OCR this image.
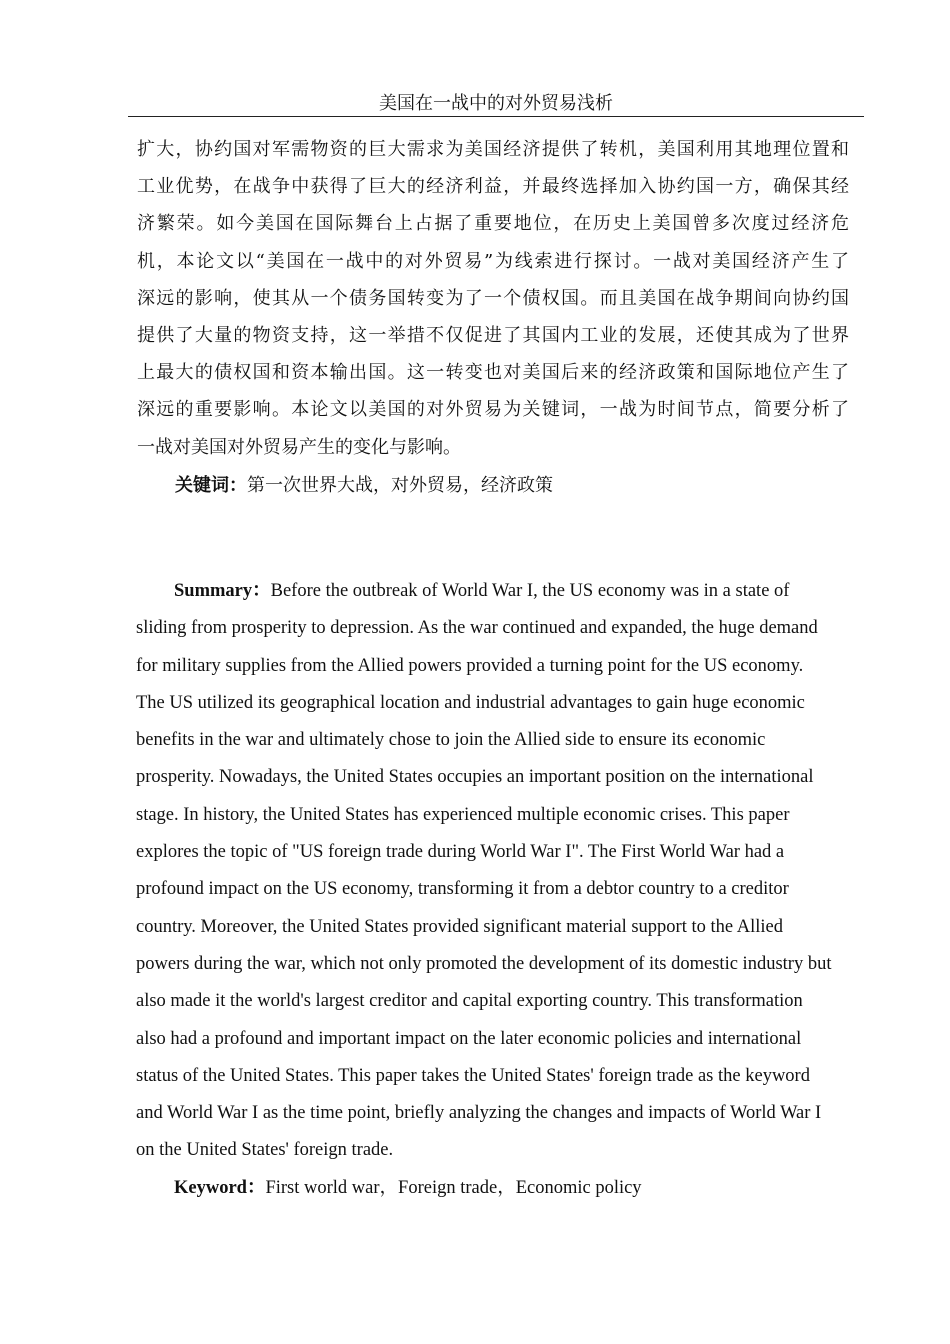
美国在一战中的对外贸易浅析
扩大，协约国对军需物资的巨大需求为美国经济提供了转机，美国利用其地理位置和
工业优势，在战争中获得了巨大的经济利益，并最终选择加入协约国一方，确保其经
济繁荣。如今美国在国际舞台上占据了重要地位，在历史上美国曾多次度过经济危
机，本论文以“美国在一战中的对外贸易”为线索进行探讨。一战对美国经济产生了
深远的影响，使其从一个债务国转变为了一个债权国。而且美国在战争期间向协约国
提供了大量的物资支持，这一举措不仅促进了其国内工业的发展，还使其成为了世界
上最大的债权国和资本输出国。这一转变也对美国后来的经济政策和国际地位产生了
深远的重要影响。本论文以美国的对外贸易为关键词，一战为时间节点，简要分析了
一战对美国对外贸易产生的变化与影响。
关键词：第一次世界大战，对外贸易，经济政策
Summary：Before the outbreak of World War I, the US economy was in a state of
sliding from prosperity to depression. As the war continued and expanded, the huge demand
for military supplies from the Allied powers provided a turning point for the US economy.
The US utilized its geographical location and industrial advantages to gain huge economic
benefits in the war and ultimately chose to join the Allied side to ensure its economic
prosperity. Nowadays, the United States occupies an important position on the international
stage. In history, the United States has experienced multiple economic crises. This paper
explores the topic of "US foreign trade during World War I". The First World War had a
profound impact on the US economy, transforming it from a debtor country to a creditor
country. Moreover, the United States provided significant material support to the Allied
powers during the war, which not only promoted the development of its domestic industry but
also made it the world's largest creditor and capital exporting country. This transformation
also had a profound and important impact on the later economic policies and international
status of the United States. This paper takes the United States' foreign trade as the keyword
and World War I as the time point, briefly analyzing the changes and impacts of World War I
on the United States' foreign trade.
Keyword：First world war，Foreign trade，Economic policy
